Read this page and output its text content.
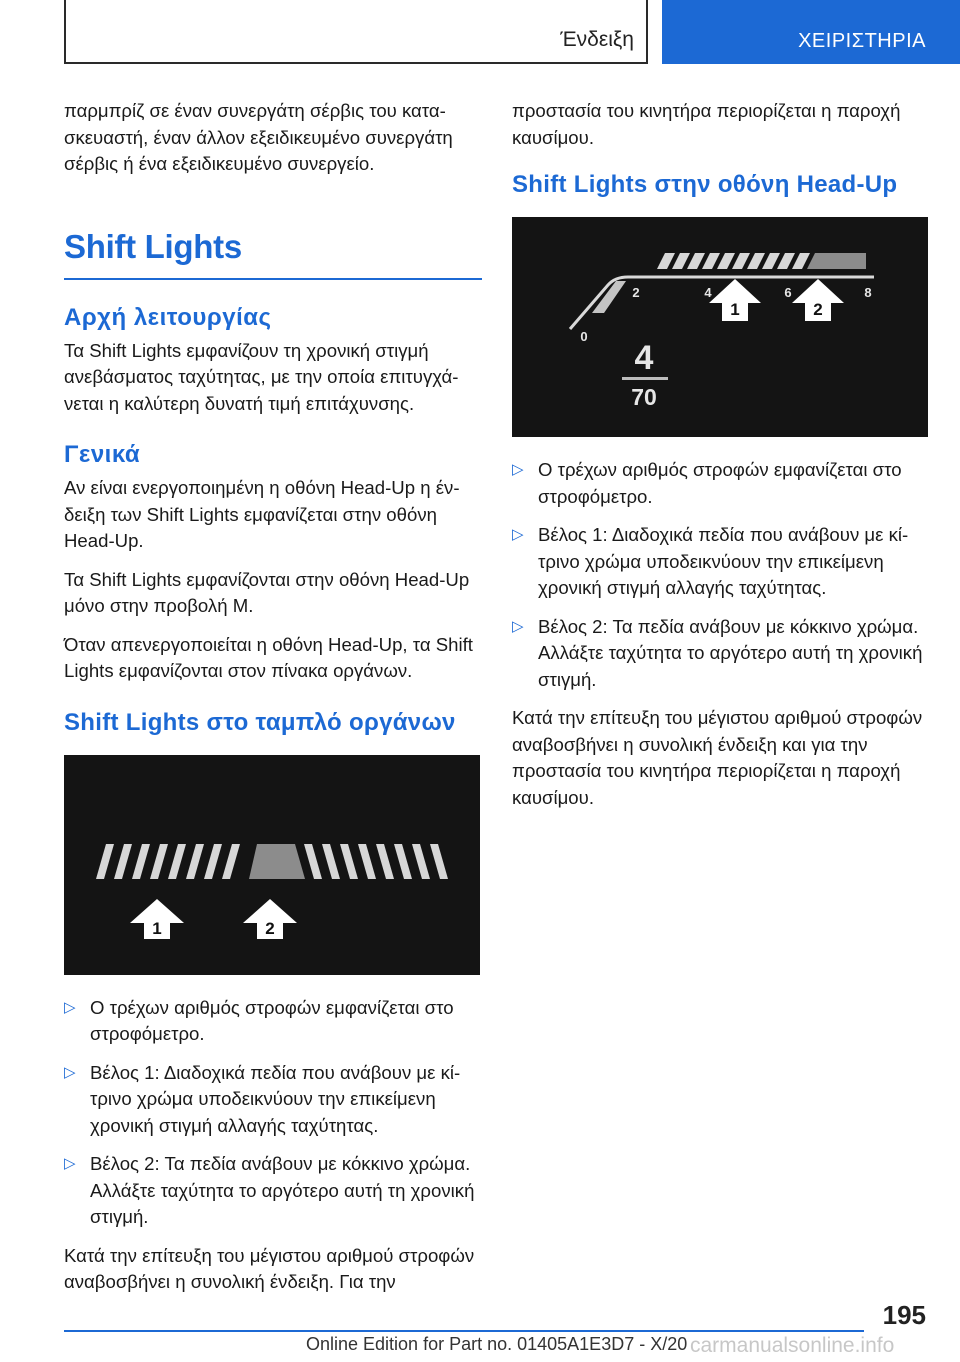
Ένδειξη	ΧΕΙΡΙΣΤΗΡΙΑ

παρμπρίζ σε έναν συνεργάτη σέρβις του κατασκευαστή, έναν άλλον εξειδικευμένο συνεργάτη σέρβις ή ένα εξειδικευμένο συνεργείο.

Shift Lights
Αρχή λειτουργίας

Τα Shift Lights εμφανίζουν τη χρονική στιγμή ανεβάσματος ταχύτητας, με την οποία επιτυγχάνεται η καλύτερη δυνατή τιμή επιτάχυνσης.

Γενικά

Αν είναι ενεργοποιημένη η οθόνη Head-Up η ένδειξη των Shift Lights εμφανίζεται στην οθόνη Head-Up.

Τα Shift Lights εμφανίζονται στην οθόνη Head-Up μόνο στην προβολή M.

Όταν απενεργοποιείται η οθόνη Head-Up, τα Shift Lights εμφανίζονται στον πίνακα οργάνων.

Shift Lights στο ταμπλό οργάνων
1	2
▷ Ο τρέχων αριθμός στροφών εμφανίζεται στο στροφόμετρο.
▷ Βέλος 1: Διαδοχικά πεδία που ανάβουν με κίτρινο χρώμα υποδεικνύουν την επικείμενη χρονική στιγμή αλλαγής ταχύτητας.
▷ Βέλος 2: Τα πεδία ανάβουν με κόκκινο χρώμα. Αλλάξτε ταχύτητα το αργότερο αυτή τη χρονική στιγμή.

Κατά την επίτευξη του μέγιστου αριθμού στροφών αναβοσβήνει η συνολική ένδειξη. Για την

προστασία του κινητήρα περιορίζεται η παροχή καυσίμου.

Shift Lights στην οθόνη Head-Up
0
2	4	6	8
1	2
4
70
▷ Ο τρέχων αριθμός στροφών εμφανίζεται στο στροφόμετρο.
▷ Βέλος 1: Διαδοχικά πεδία που ανάβουν με κίτρινο χρώμα υποδεικνύουν την επικείμενη χρονική στιγμή αλλαγής ταχύτητας.
▷ Βέλος 2: Τα πεδία ανάβουν με κόκκινο χρώμα. Αλλάξτε ταχύτητα το αργότερο αυτή τη χρονική στιγμή.

Κατά την επίτευξη του μέγιστου αριθμού στροφών αναβοσβήνει η συνολική ένδειξη και για την προστασία του κινητήρα περιορίζεται η παροχή καυσίμου.

195
Online Edition for Part no. 01405A1E3D7 - X/20 carmanualsonline.info
